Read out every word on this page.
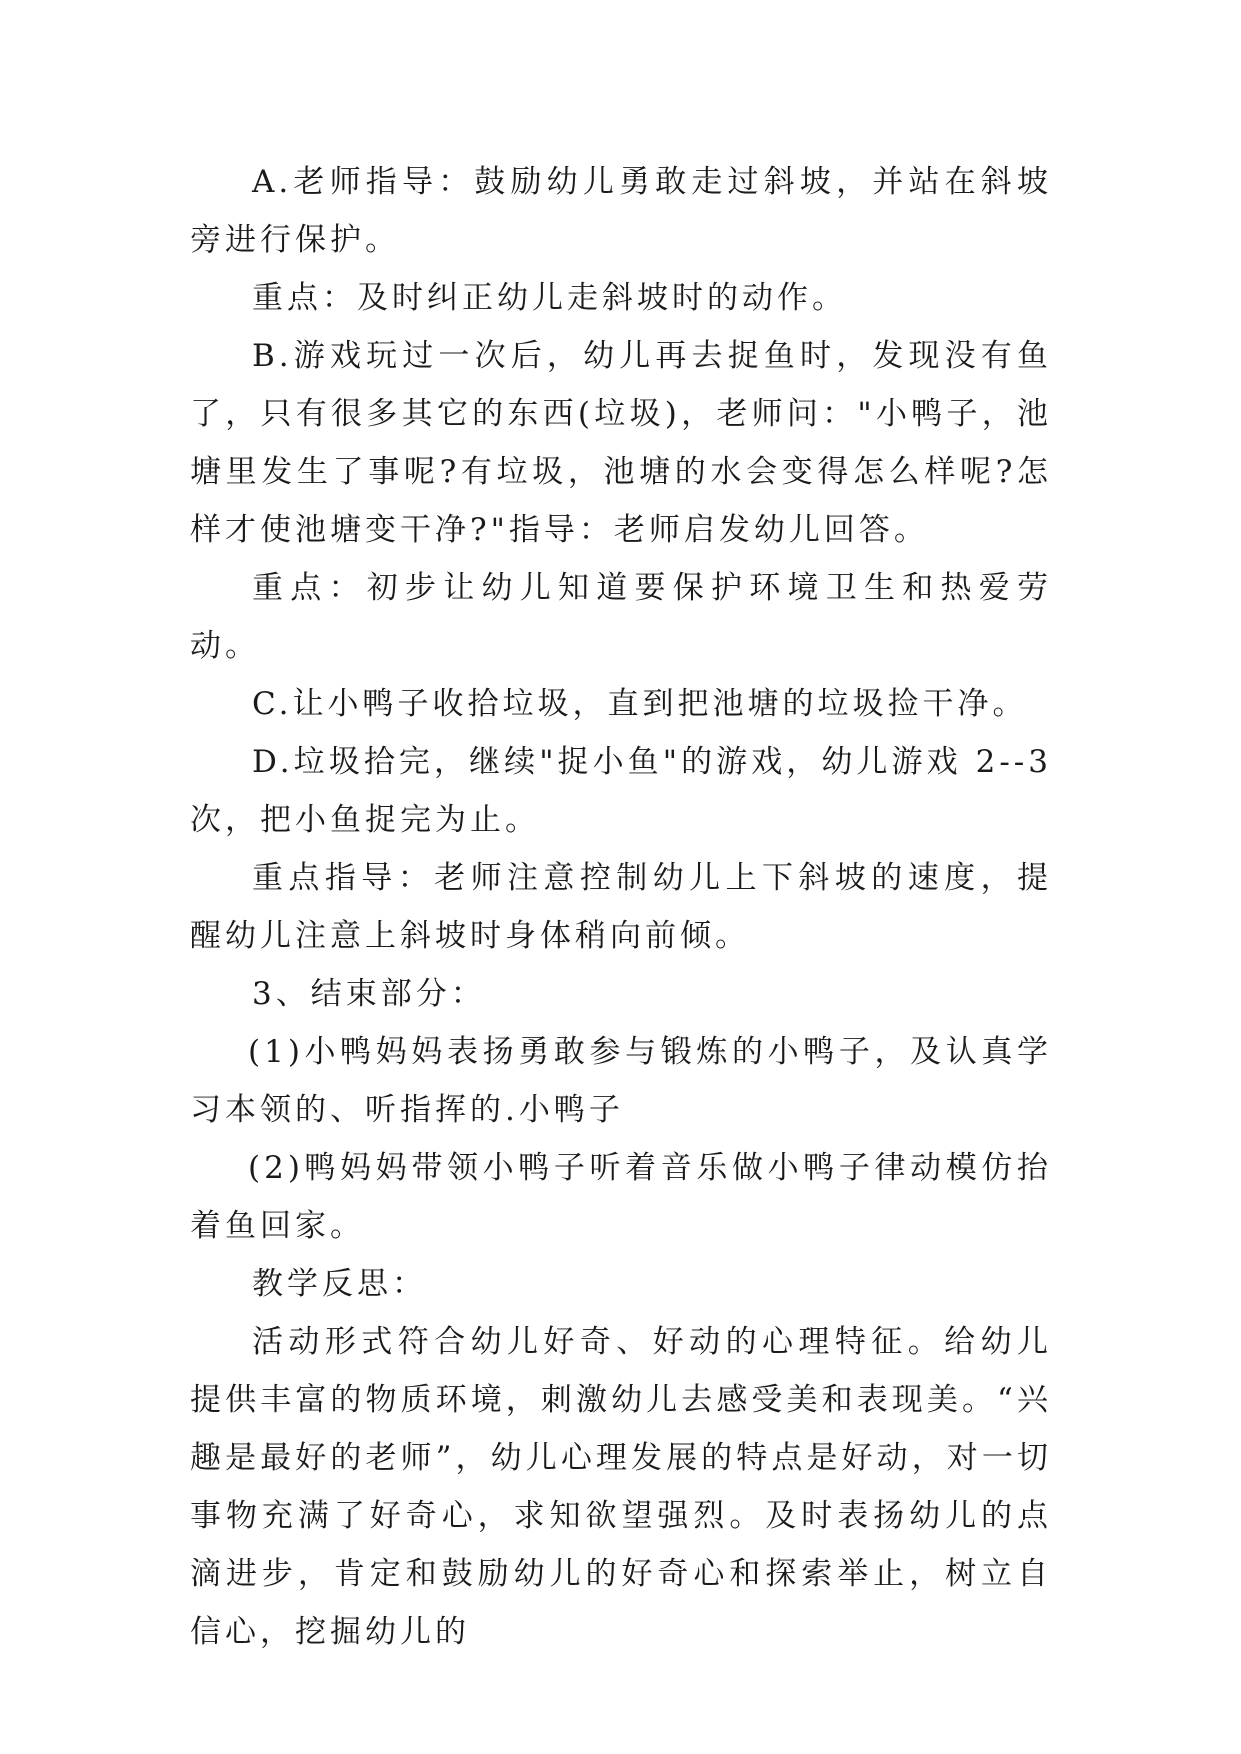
A.老师指导：鼓励幼儿勇敢走过斜坡，并站在斜坡旁进行保护。

重点：及时纠正幼儿走斜坡时的动作。

B.游戏玩过一次后，幼儿再去捉鱼时，发现没有鱼了，只有很多其它的东西(垃圾)，老师问："小鸭子，池塘里发生了事呢?有垃圾，池塘的水会变得怎么样呢?怎样才使池塘变干净?"指导：老师启发幼儿回答。

重点：初步让幼儿知道要保护环境卫生和热爱劳动。

C.让小鸭子收拾垃圾，直到把池塘的垃圾捡干净。

D.垃圾拾完，继续"捉小鱼"的游戏，幼儿游戏 2--3 次，把小鱼捉完为止。

重点指导：老师注意控制幼儿上下斜坡的速度，提醒幼儿注意上斜坡时身体稍向前倾。

3、结束部分：

(1)小鸭妈妈表扬勇敢参与锻炼的小鸭子，及认真学习本领的、听指挥的.小鸭子

(2)鸭妈妈带领小鸭子听着音乐做小鸭子律动模仿抬着鱼回家。

教学反思：

活动形式符合幼儿好奇、好动的心理特征。给幼儿提供丰富的物质环境，刺激幼儿去感受美和表现美。“兴趣是最好的老师”，幼儿心理发展的特点是好动，对一切事物充满了好奇心，求知欲望强烈。及时表扬幼儿的点滴进步，肯定和鼓励幼儿的好奇心和探索举止，树立自信心，挖掘幼儿的
